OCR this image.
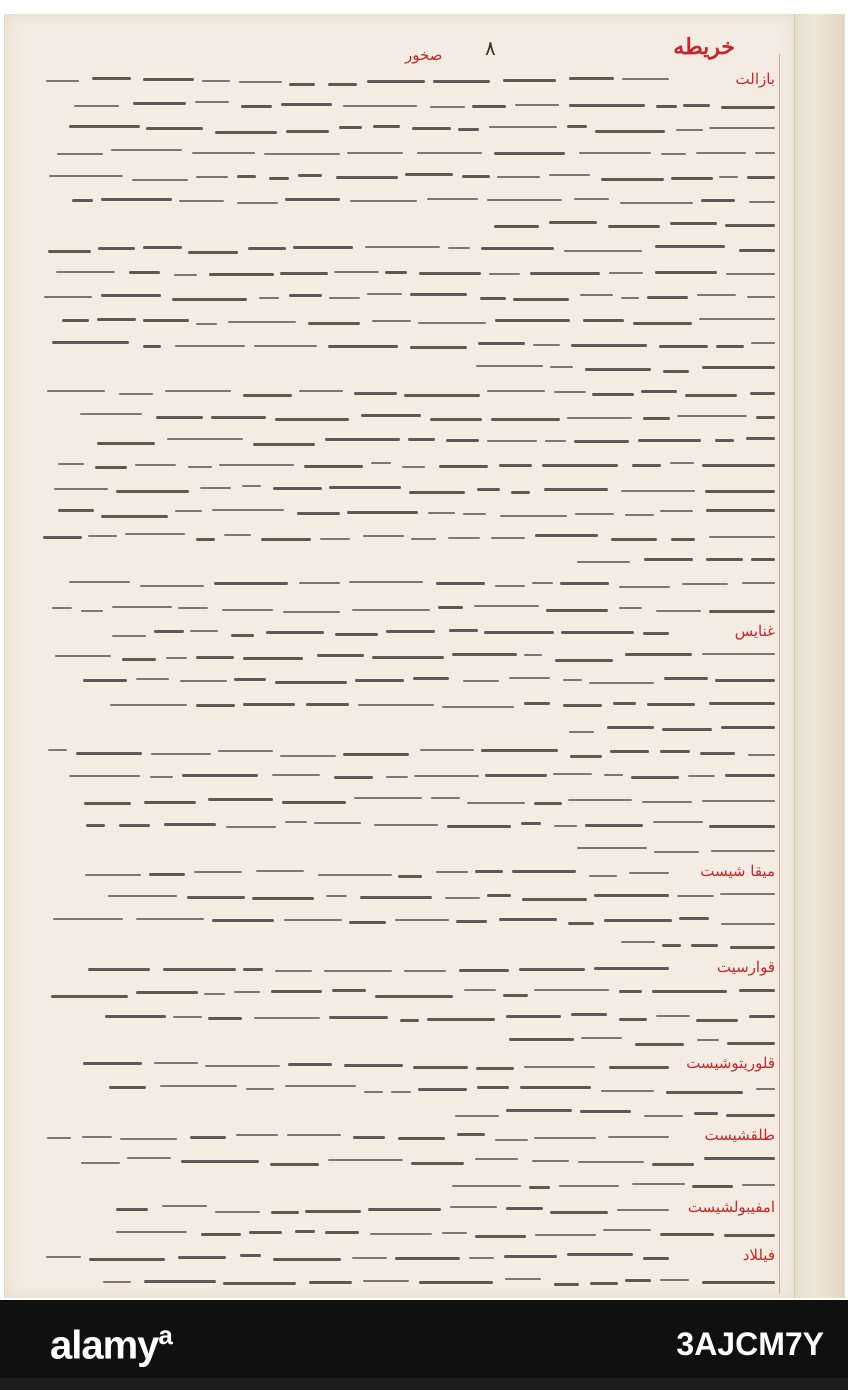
خريطه
٨
صخور
بازالت
غنايس
ميقا شيست
قوارسيت
قلوريتوشيست
طلقشيست
امفيبولشيست
فيللاد
alamy$^a$	3AJCM7Y
